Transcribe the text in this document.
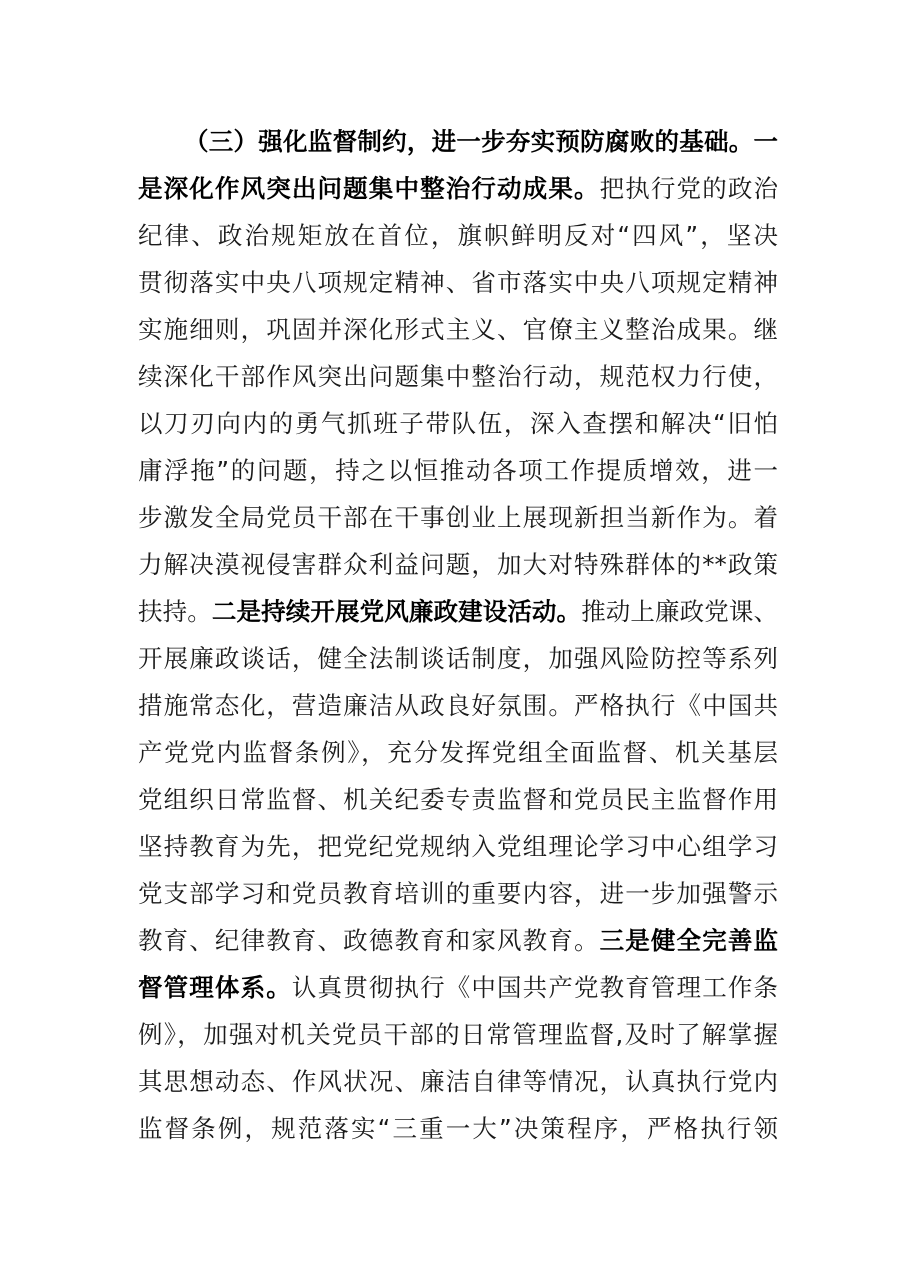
（三）强化监督制约，进一步夯实预防腐败的基础。一
是深化作风突出问题集中整治行动成果。把执行党的政治
纪律、政治规矩放在首位，旗帜鲜明反对“四风”，坚决
贯彻落实中央八项规定精神、省市落实中央八项规定精神
实施细则，巩固并深化形式主义、官僚主义整治成果。继
续深化干部作风突出问题集中整治行动，规范权力行使，
以刀刃向内的勇气抓班子带队伍，深入查摆和解决“旧怕
庸浮拖”的问题，持之以恒推动各项工作提质增效，进一
步激发全局党员干部在干事创业上展现新担当新作为。着
力解决漠视侵害群众利益问题，加大对特殊群体的**政策
扶持。二是持续开展党风廉政建设活动。推动上廉政党课、
开展廉政谈话，健全法制谈话制度，加强风险防控等系列
措施常态化，营造廉洁从政良好氛围。严格执行《中国共
产党党内监督条例》，充分发挥党组全面监督、机关基层
党组织日常监督、机关纪委专责监督和党员民主监督作用
坚持教育为先，把党纪党规纳入党组理论学习中心组学习
党支部学习和党员教育培训的重要内容，进一步加强警示
教育、纪律教育、政德教育和家风教育。三是健全完善监
督管理体系。认真贯彻执行《中国共产党教育管理工作条
例》，加强对机关党员干部的日常管理监督,及时了解掌握
其思想动态、作风状况、廉洁自律等情况，认真执行党内
监督条例，规范落实“三重一大”决策程序，严格执行领
